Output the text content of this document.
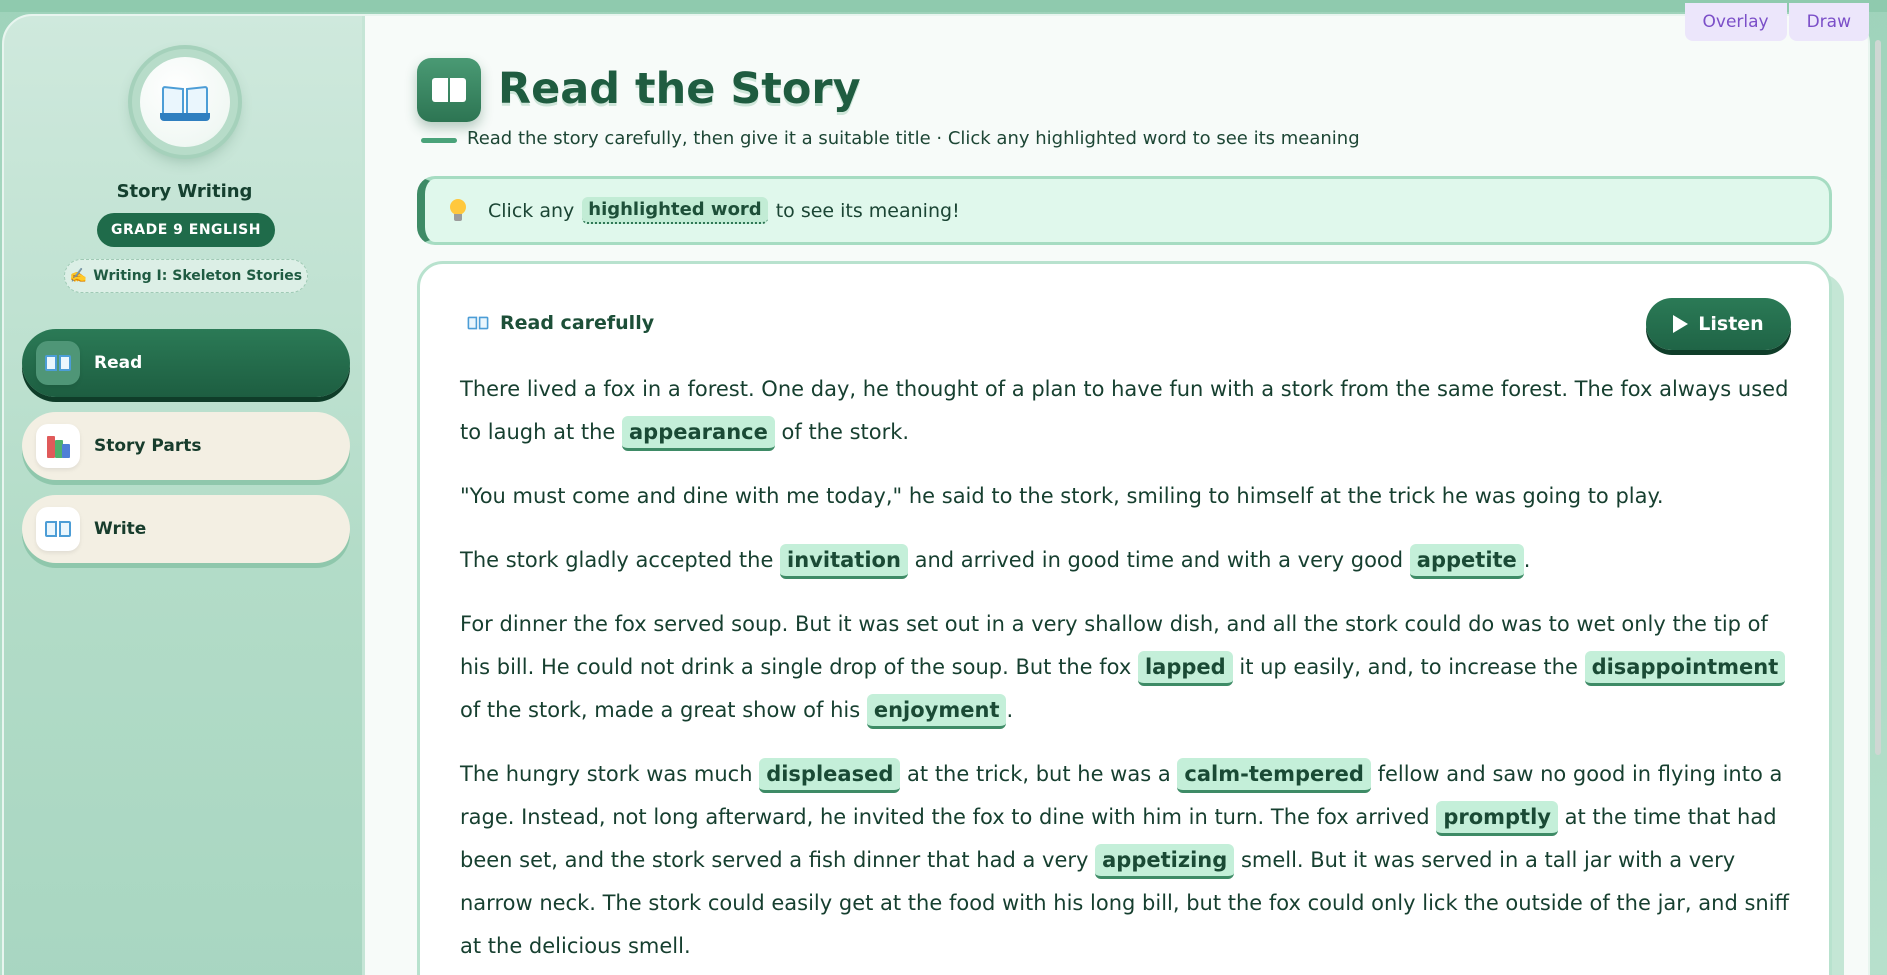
Story Writing
GRADE 9 ENGLISH
✍️ Writing I: Skeleton Stories
Read
Story Parts
Write
Read the Story
Read the story carefully, then give it a suitable title · Click any highlighted word to see its meaning
Click any highlighted word to see its meaning!
Read carefully	Listen

There lived a fox in a forest. One day, he thought of a plan to have fun with a stork from the same forest. The fox always used to laugh at the appearance of the stork.

"You must come and dine with me today," he said to the stork, smiling to himself at the trick he was going to play.

The stork gladly accepted the invitation and arrived in good time and with a very good appetite .

For dinner the fox served soup. But it was set out in a very shallow dish, and all the stork could do was to wet only the tip of his bill. He could not drink a single drop of the soup. But the fox lapped it up easily, and, to increase the disappointment of the stork, made a great show of his enjoyment .

The hungry stork was much displeased at the trick, but he was a calm-tempered fellow and saw no good in flying into a rage. Instead, not long afterward, he invited the fox to dine with him in turn. The fox arrived promptly at the time that had been set, and the stork served a fish dinner that had a very appetizing smell. But it was served in a tall jar with a very narrow neck. The stork could easily get at the food with his long bill, but the fox could only lick the outside of the jar, and sniff at the delicious smell.

Overlay	Draw
